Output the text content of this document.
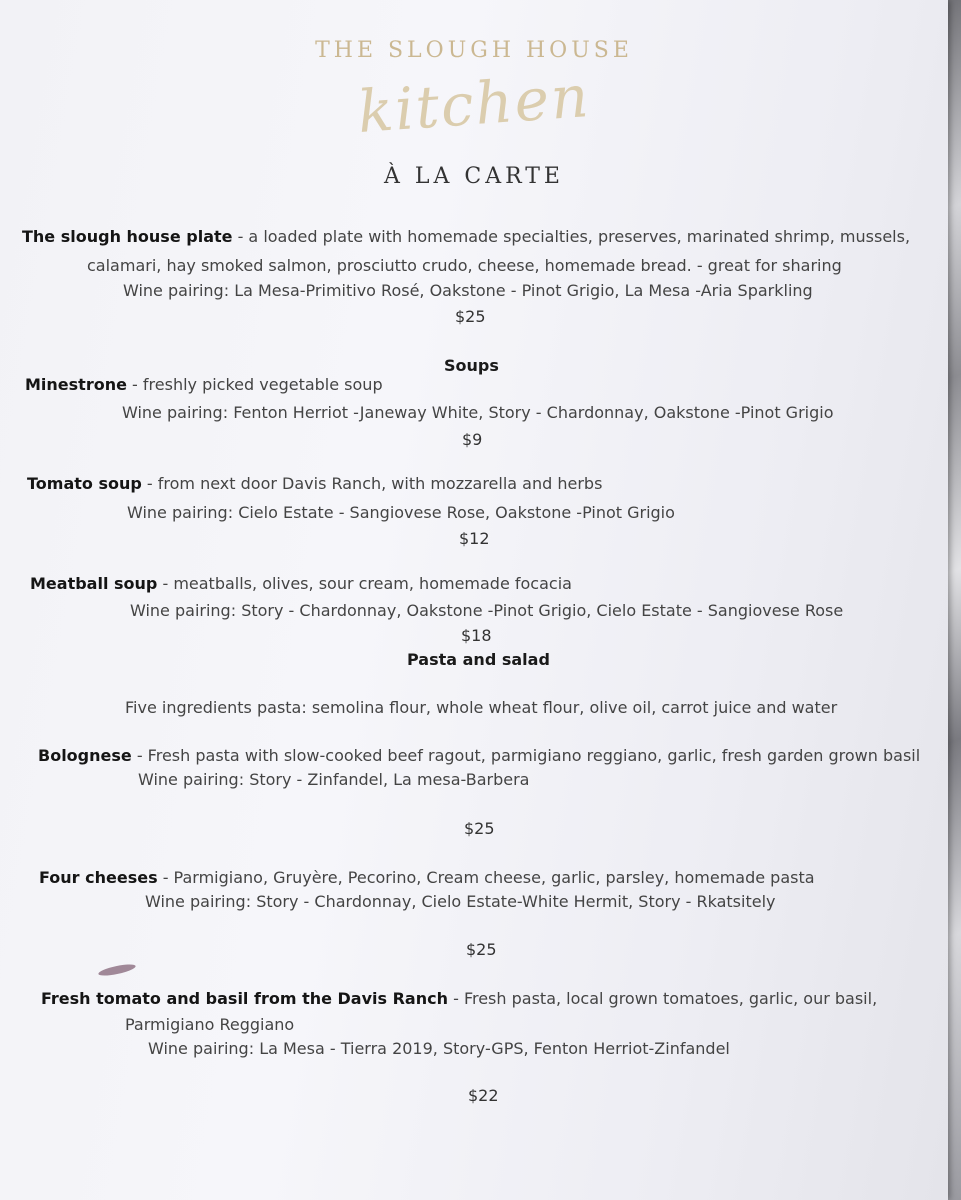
THE SLOUGH HOUSE
kitchen
À LA CARTE
The slough house plate - a loaded plate with homemade specialties, preserves, marinated shrimp, mussels,
calamari, hay smoked salmon, prosciutto crudo, cheese, homemade bread. - great for sharing
Wine pairing: La Mesa-Primitivo Rosé, Oakstone - Pinot Grigio, La Mesa -Aria Sparkling
$25
Soups
Minestrone - freshly picked vegetable soup
Wine pairing: Fenton Herriot -Janeway White, Story - Chardonnay, Oakstone -Pinot Grigio
$9
Tomato soup - from next door Davis Ranch, with mozzarella and herbs
Wine pairing: Cielo Estate - Sangiovese Rose, Oakstone -Pinot Grigio
$12
Meatball soup - meatballs, olives, sour cream, homemade focacia
Wine pairing: Story - Chardonnay, Oakstone -Pinot Grigio, Cielo Estate - Sangiovese Rose
$18
Pasta and salad
Five ingredients pasta: semolina flour, whole wheat flour, olive oil, carrot juice and water
Bolognese - Fresh pasta with slow-cooked beef ragout, parmigiano reggiano, garlic, fresh garden grown basil
Wine pairing: Story - Zinfandel, La mesa-Barbera
$25
Four cheeses - Parmigiano, Gruyère, Pecorino, Cream cheese, garlic, parsley, homemade pasta
Wine pairing: Story - Chardonnay, Cielo Estate-White Hermit, Story - Rkatsitely
$25
Fresh tomato and basil from the Davis Ranch - Fresh pasta, local grown tomatoes, garlic, our basil,
Parmigiano Reggiano
Wine pairing: La Mesa - Tierra 2019, Story-GPS, Fenton Herriot-Zinfandel
$22
